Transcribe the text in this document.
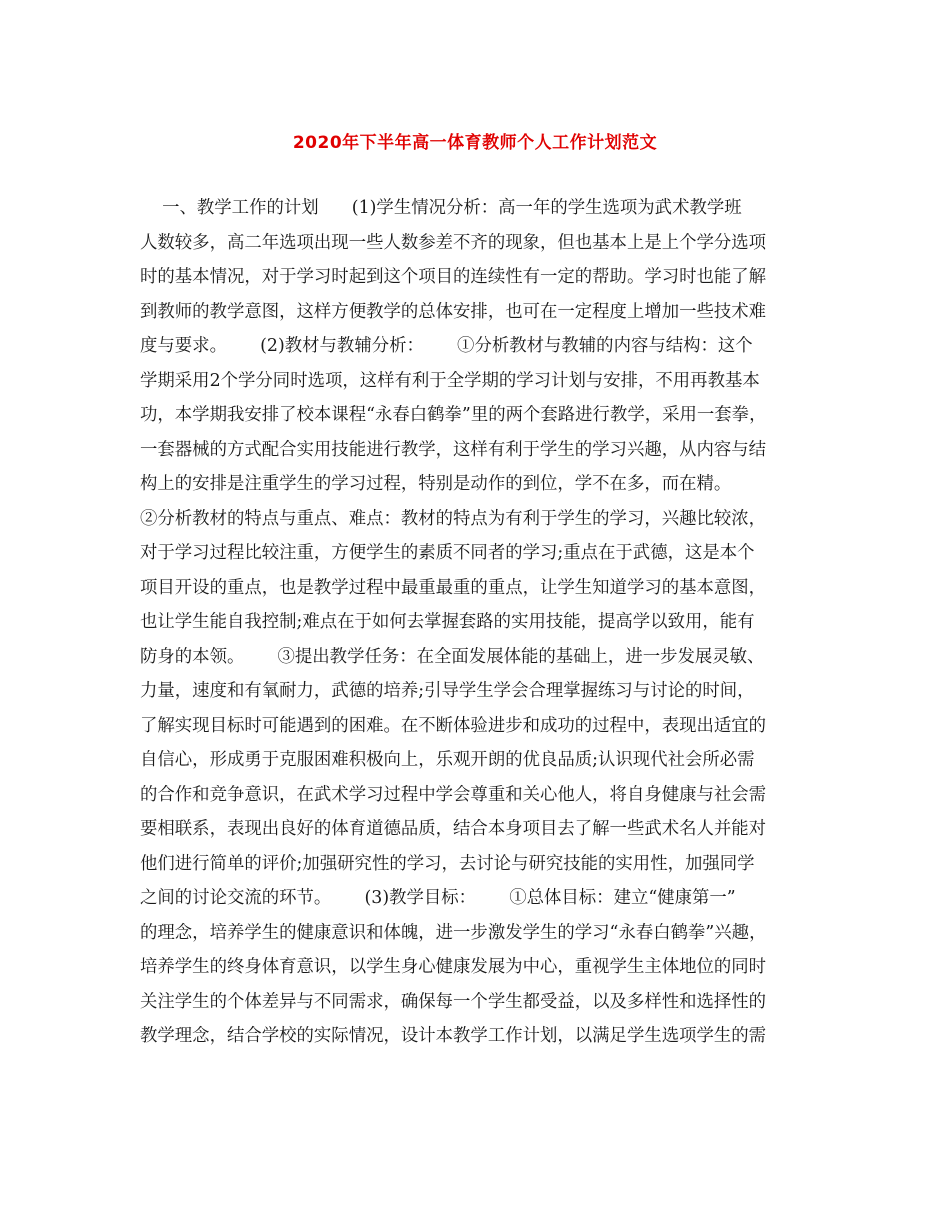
2020年下半年高一体育教师个人工作计划范文
一、教学工作的计划      (1)学生情况分析：高一年的学生选项为武术教学班
人数较多，高二年选项出现一些人数参差不齐的现象，但也基本上是上个学分选项
时的基本情况，对于学习时起到这个项目的连续性有一定的帮助。学习时也能了解
到教师的教学意图，这样方便教学的总体安排，也可在一定程度上增加一些技术难
度与要求。      (2)教材与教辅分析：      ①分析教材与教辅的内容与结构：这个
学期采用2个学分同时选项，这样有利于全学期的学习计划与安排，不用再教基本
功，本学期我安排了校本课程“永春白鹤拳”里的两个套路进行教学，采用一套拳，
一套器械的方式配合实用技能进行教学，这样有利于学生的学习兴趣，从内容与结
构上的安排是注重学生的学习过程，特别是动作的到位，学不在多，而在精。
②分析教材的特点与重点、难点：教材的特点为有利于学生的学习，兴趣比较浓，
对于学习过程比较注重，方便学生的素质不同者的学习;重点在于武德，这是本个
项目开设的重点，也是教学过程中最重最重的重点，让学生知道学习的基本意图，
也让学生能自我控制;难点在于如何去掌握套路的实用技能，提高学以致用，能有
防身的本领。      ③提出教学任务：在全面发展体能的基础上，进一步发展灵敏、
力量，速度和有氧耐力，武德的培养;引导学生学会合理掌握练习与讨论的时间，
了解实现目标时可能遇到的困难。在不断体验进步和成功的过程中，表现出适宜的
自信心，形成勇于克服困难积极向上，乐观开朗的优良品质;认识现代社会所必需
的合作和竞争意识，在武术学习过程中学会尊重和关心他人，将自身健康与社会需
要相联系，表现出良好的体育道德品质，结合本身项目去了解一些武术名人并能对
他们进行简单的评价;加强研究性的学习，去讨论与研究技能的实用性，加强同学
之间的讨论交流的环节。      (3)教学目标：      ①总体目标：建立“健康第一”
的理念，培养学生的健康意识和体魄，进一步激发学生的学习“永春白鹤拳”兴趣，
培养学生的终身体育意识，以学生身心健康发展为中心，重视学生主体地位的同时
关注学生的个体差异与不同需求，确保每一个学生都受益，以及多样性和选择性的
教学理念，结合学校的实际情况，设计本教学工作计划，以满足学生选项学生的需
